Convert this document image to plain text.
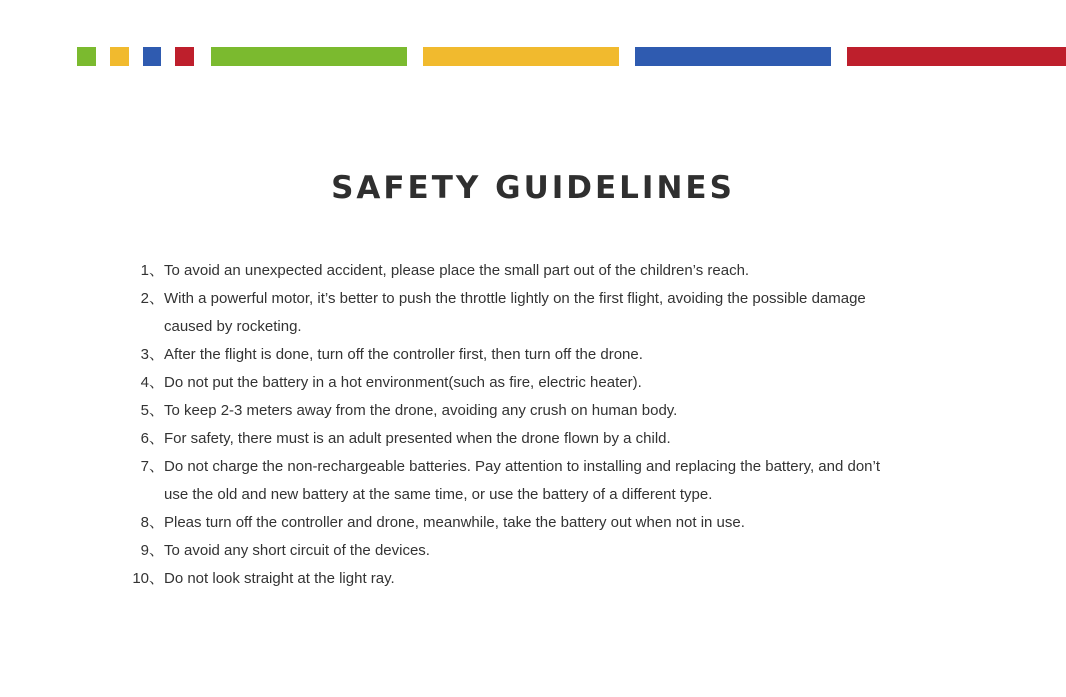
SAFETY GUIDELINES
1、 To avoid an unexpected accident, please place the small part out of the children’s reach.
2、 With a powerful motor, it’s better to push the throttle lightly on the first flight, avoiding the possible damage
caused by rocketing.
3、 After the flight is done, turn off the controller first, then turn off the drone.
4、 Do not put the battery in a hot environment(such as fire, electric heater).
5、 To keep 2-3 meters away from the drone, avoiding any crush on human body.
6、 For safety, there must is an adult presented when the drone flown by a child.
7、 Do not charge the non-rechargeable batteries. Pay attention to installing and replacing the battery, and don’t
use the old and new battery at the same time, or use the battery of a different type.
8、 Pleas turn off the controller and drone, meanwhile, take the battery out when not in use.
9、 To avoid any short circuit of the devices.
10、 Do not look straight at the light ray.
